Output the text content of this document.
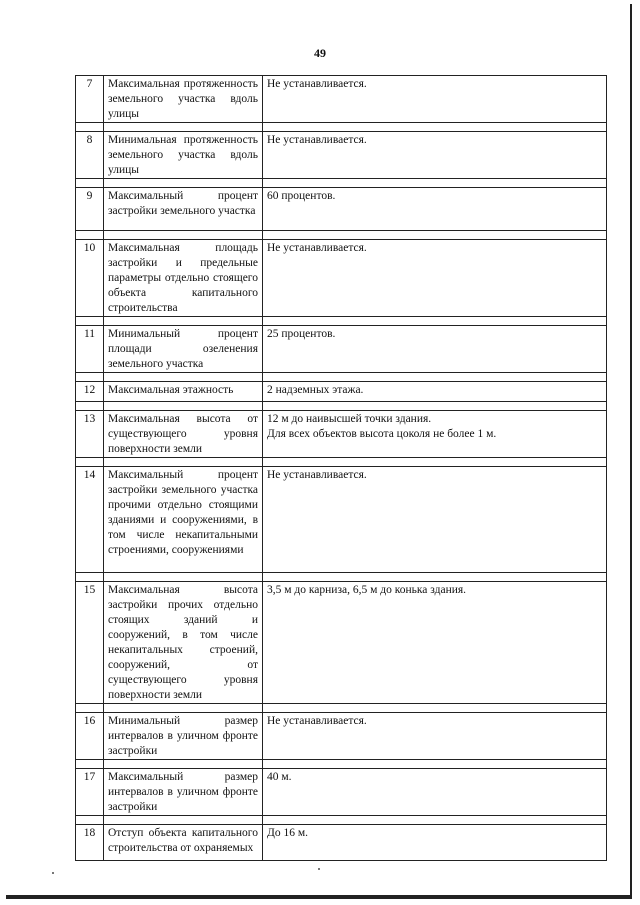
49
7	Максимальная протяженность земельного участка вдоль улицы	Не устанавливается.

8	Минимальная протяженность земельного участка вдоль улицы	Не устанавливается.

9	Максимальный процент застройки земельного участка	60 процентов.

10	Максимальная площадь застройки и предельные параметры отдельно стоящего объекта капитального строительства	Не устанавливается.

11	Минимальный процент площади озеленения земельного участка	25 процентов.

12	Максимальная этажность	2 надземных этажа.

13	Максимальная высота от существующего уровня поверхности земли	12 м до наивысшей точки здания.
Для всех объектов высота цоколя не более 1 м.

14	Максимальный процент застройки земельного участка прочими отдельно стоящими зданиями и сооружениями, в том числе некапитальными строениями, сооружениями	Не устанавливается.

15	Максимальная высота застройки прочих отдельно стоящих зданий и сооружений, в том числе некапитальных строений, сооружений, от существующего уровня поверхности земли	3,5 м до карниза, 6,5 м до конька здания.

16	Минимальный размер интервалов в уличном фронте застройки	Не устанавливается.

17	Максимальный размер интервалов в уличном фронте застройки	40 м.

18	Отступ объекта капитального строительства от охраняемых	До 16 м.
